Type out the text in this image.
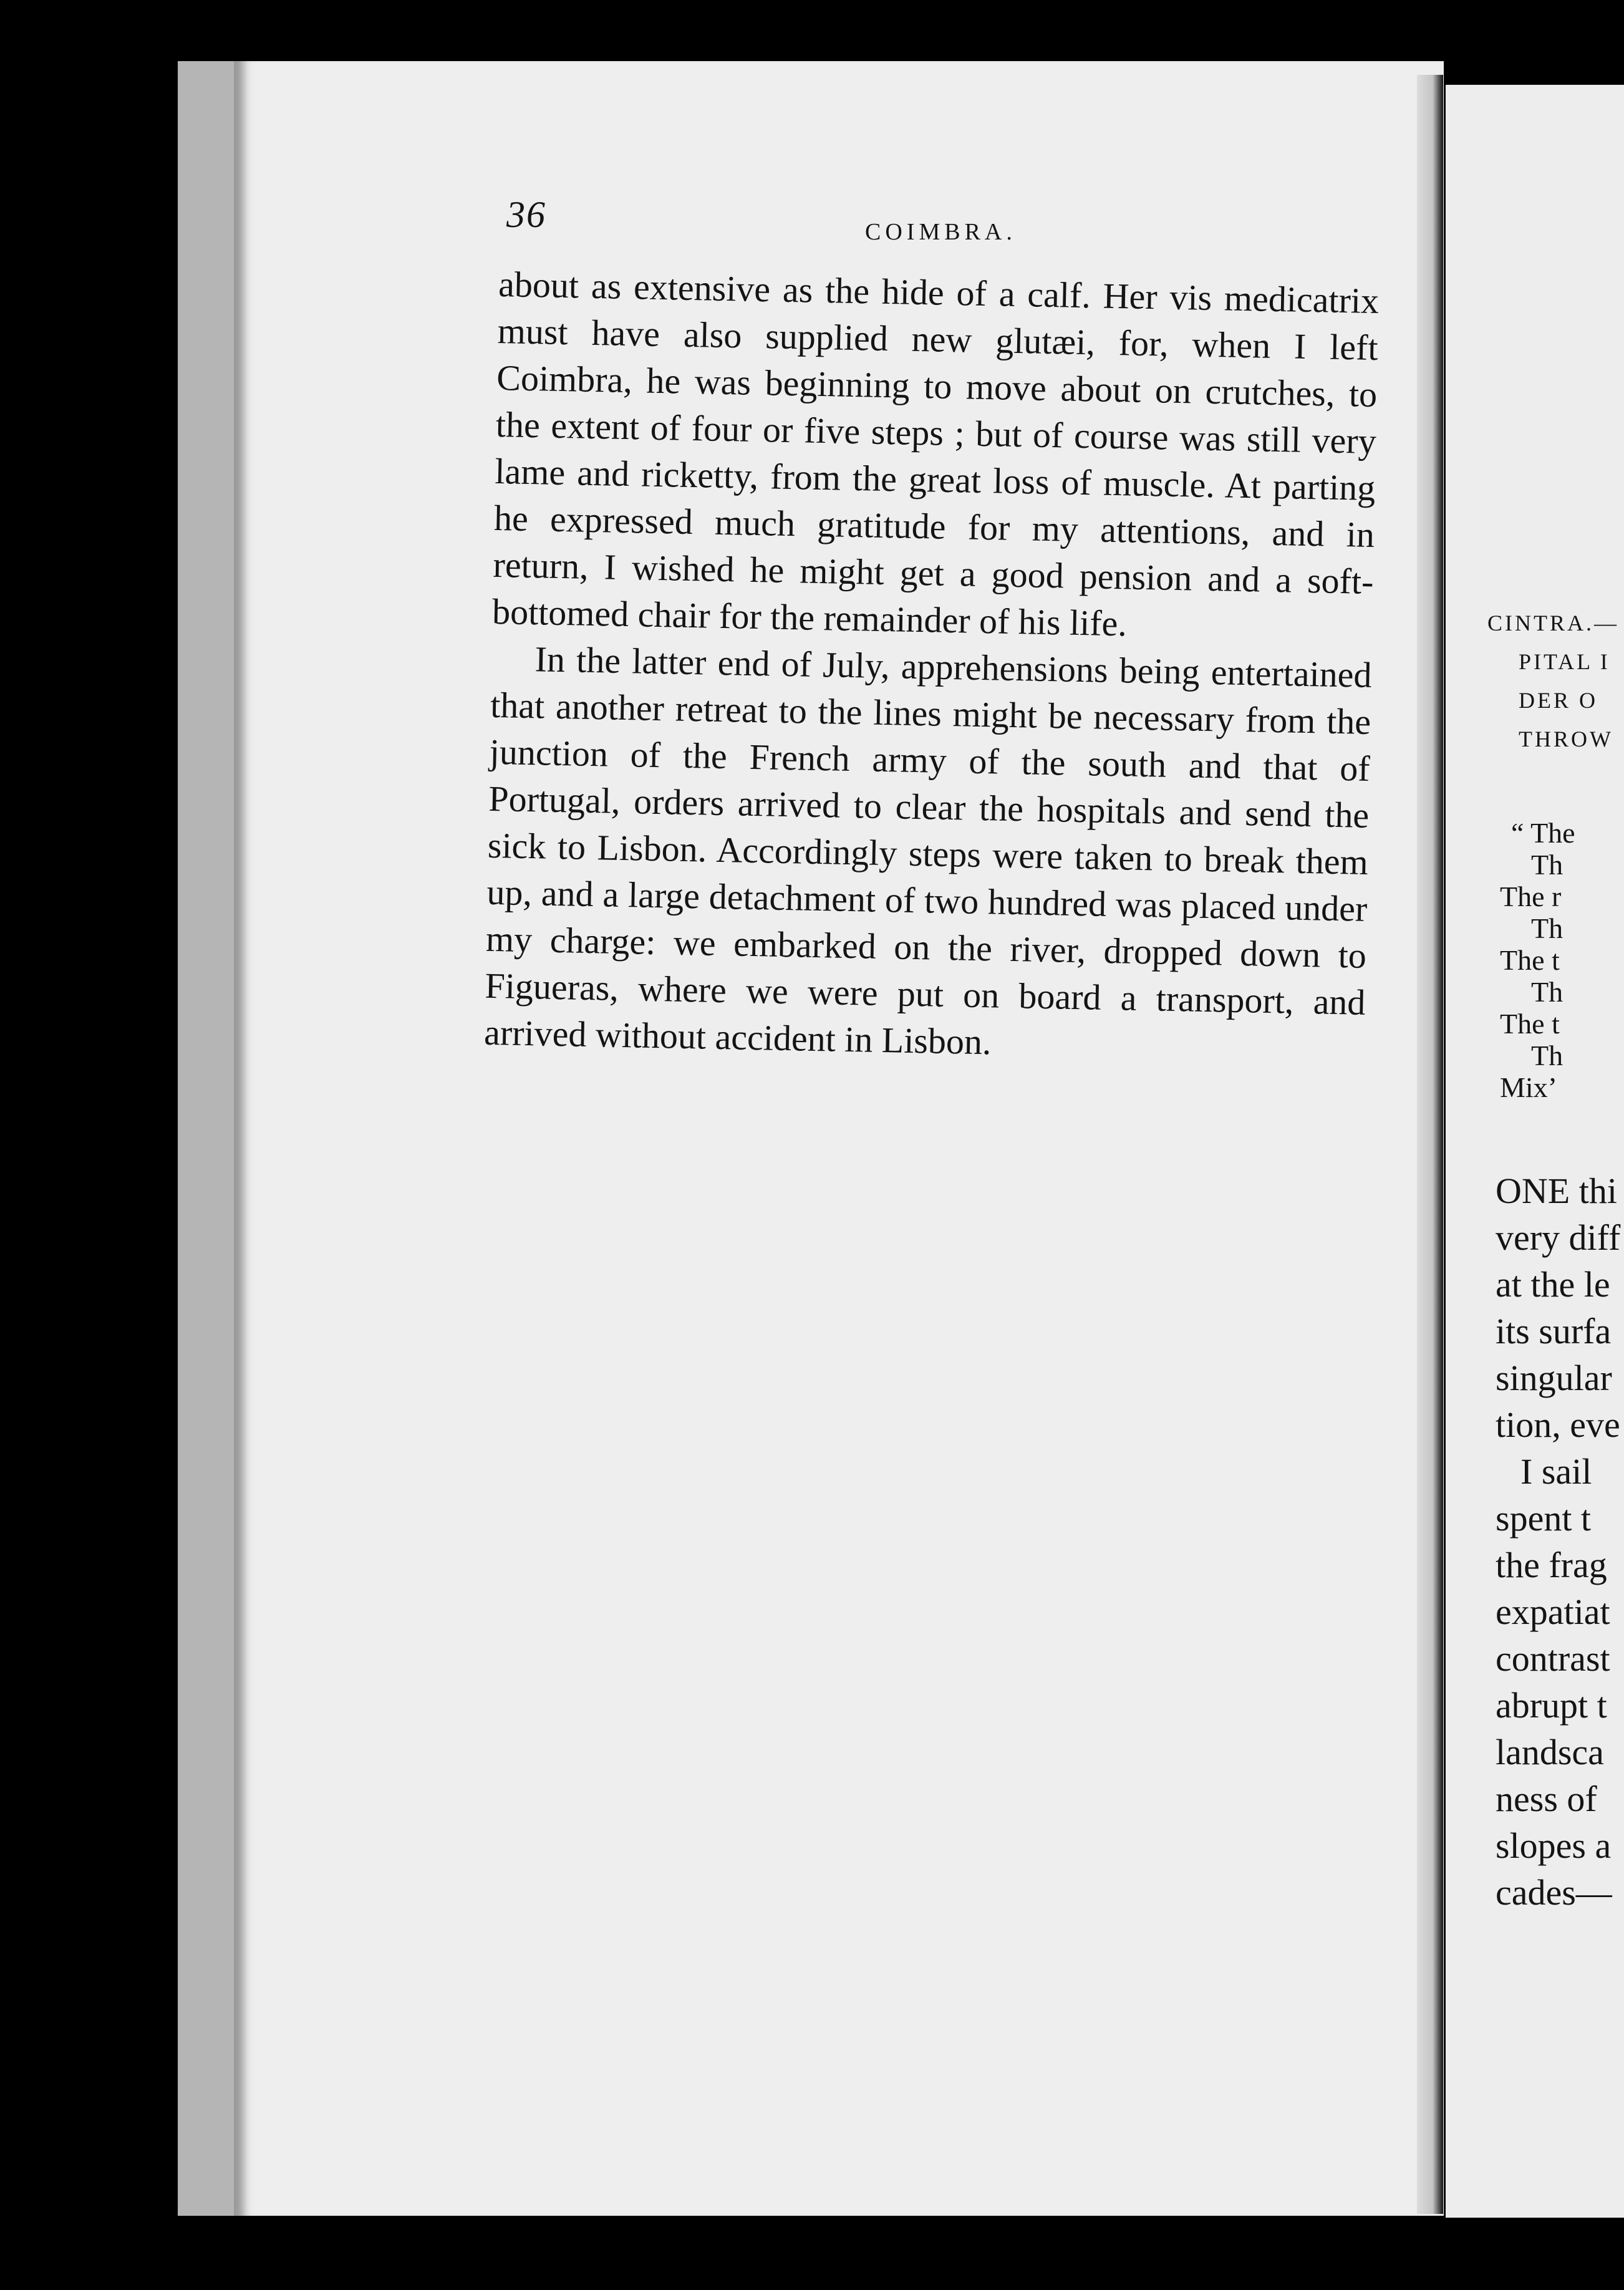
36	COIMBRA.

about as extensive as the hide of a calf. Her vis medicatrix must have also supplied new glutæi, for, when I left Coimbra, he was beginning to move about on crutches, to the extent of four or five steps ; but of course was still very lame and ricketty, from the great loss of muscle. At parting he expressed much gratitude for my attentions, and in return, I wished he might get a good pension and a soft-bottomed chair for the remainder of his life.

In the latter end of July, apprehensions being entertained that another retreat to the lines might be necessary from the junction of the French army of the south and that of Portugal, orders arrived to clear the hospitals and send the sick to Lisbon. Accordingly steps were taken to break them up, and a large detachment of two hundred was placed under my charge: we embarked on the river, dropped down to Figueras, where we were put on board a transport, and arrived without accident in Lisbon.

CINTRA.—
PITAL I
DER O
THROW
“ The
Th
The r
Th
The t
Th
The t
Th
Mix’
ONE thi
very diff
at the le
its surfa
singular
tion, eve
I sail
spent t
the frag
expatiat
contrast
abrupt t
landsca
ness of
slopes a
cades—
